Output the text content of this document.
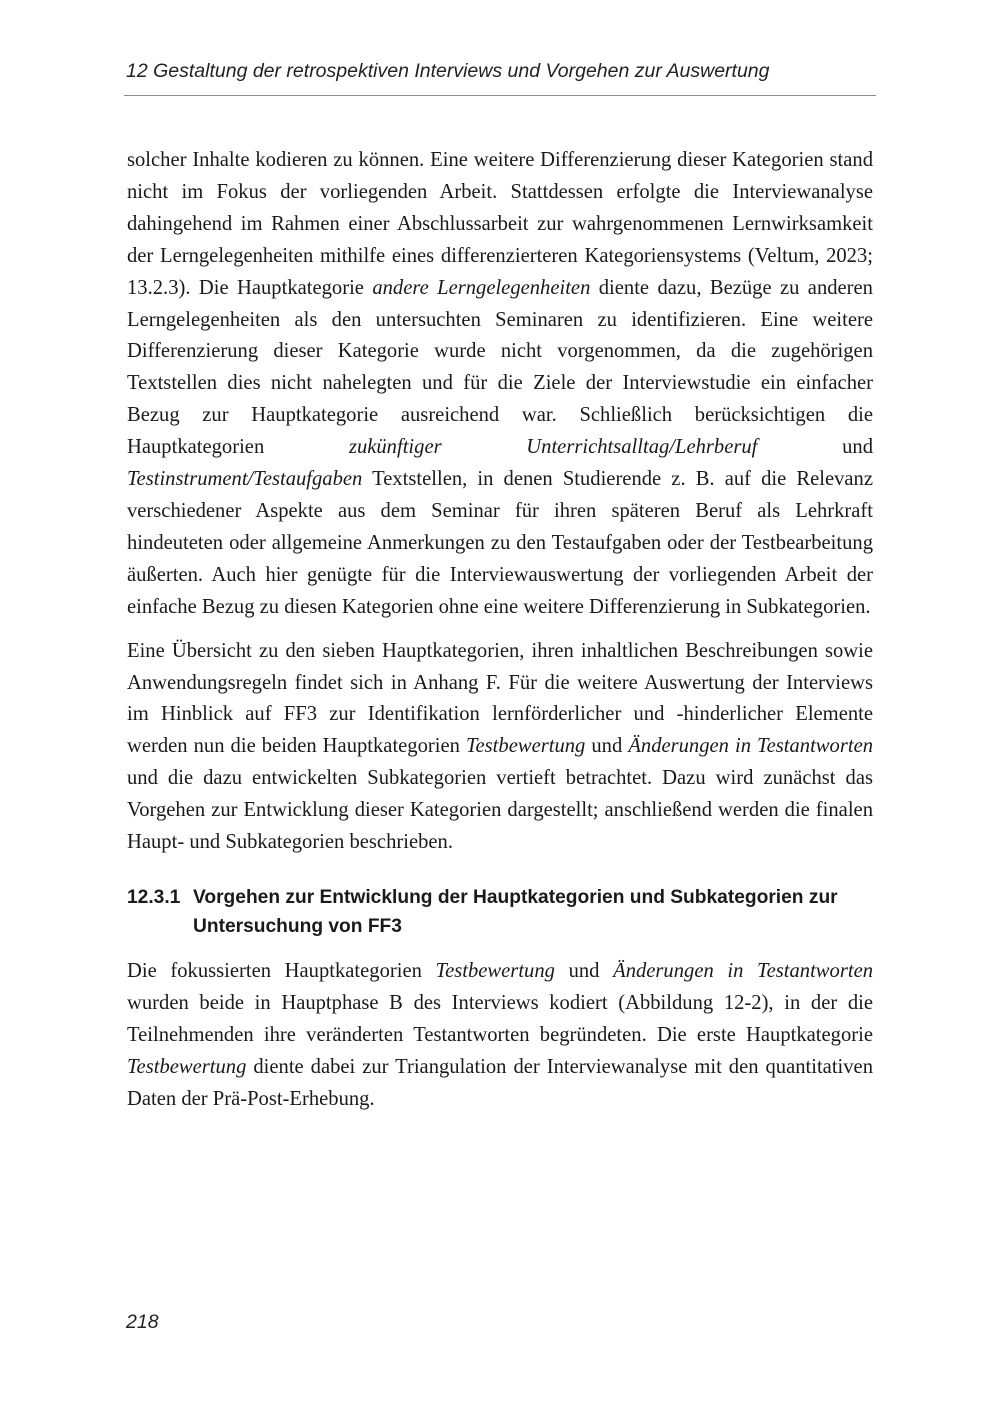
12 Gestaltung der retrospektiven Interviews und Vorgehen zur Auswertung

solcher Inhalte kodieren zu können. Eine weitere Differenzierung dieser Kategorien stand nicht im Fokus der vorliegenden Arbeit. Stattdessen erfolgte die Interviewanalyse dahingehend im Rahmen einer Abschlussarbeit zur wahrgenommenen Lernwirksamkeit der Lerngelegenheiten mithilfe eines differenzierteren Kategoriensystems (Veltum, 2023; 13.2.3). Die Hauptkategorie andere Lerngelegenheiten diente dazu, Bezüge zu anderen Lerngelegenheiten als den untersuchten Seminaren zu identifizieren. Eine weitere Differenzierung dieser Kategorie wurde nicht vorgenommen, da die zugehörigen Textstellen dies nicht nahelegten und für die Ziele der Interviewstudie ein einfacher Bezug zur Hauptkategorie ausreichend war. Schließlich berücksichtigen die Hauptkategorien zukünftiger Unterrichtsalltag/Lehrberuf und Testinstrument/Testaufgaben Textstellen, in denen Studierende z. B. auf die Relevanz verschiedener Aspekte aus dem Seminar für ihren späteren Beruf als Lehrkraft hindeuteten oder allgemeine Anmerkungen zu den Testaufgaben oder der Testbearbeitung äußerten. Auch hier genügte für die Interviewauswertung der vorliegenden Arbeit der einfache Bezug zu diesen Kategorien ohne eine weitere Differenzierung in Subkategorien.

Eine Übersicht zu den sieben Hauptkategorien, ihren inhaltlichen Beschreibungen sowie Anwendungsregeln findet sich in Anhang F. Für die weitere Auswertung der Interviews im Hinblick auf FF3 zur Identifikation lernförderlicher und -hinderlicher Elemente werden nun die beiden Hauptkategorien Testbewertung und Änderungen in Testantworten und die dazu entwickelten Subkategorien vertieft betrachtet. Dazu wird zunächst das Vorgehen zur Entwicklung dieser Kategorien dargestellt; anschließend werden die finalen Haupt- und Subkategorien beschrieben.

12.3.1 Vorgehen zur Entwicklung der Hauptkategorien und Subkategorien zur Untersuchung von FF3

Die fokussierten Hauptkategorien Testbewertung und Änderungen in Testantworten wurden beide in Hauptphase B des Interviews kodiert (Abbildung 12-2), in der die Teilnehmenden ihre veränderten Testantworten begründeten. Die erste Hauptkategorie Testbewertung diente dabei zur Triangulation der Interviewanalyse mit den quantitativen Daten der Prä-Post-Erhebung.

218
